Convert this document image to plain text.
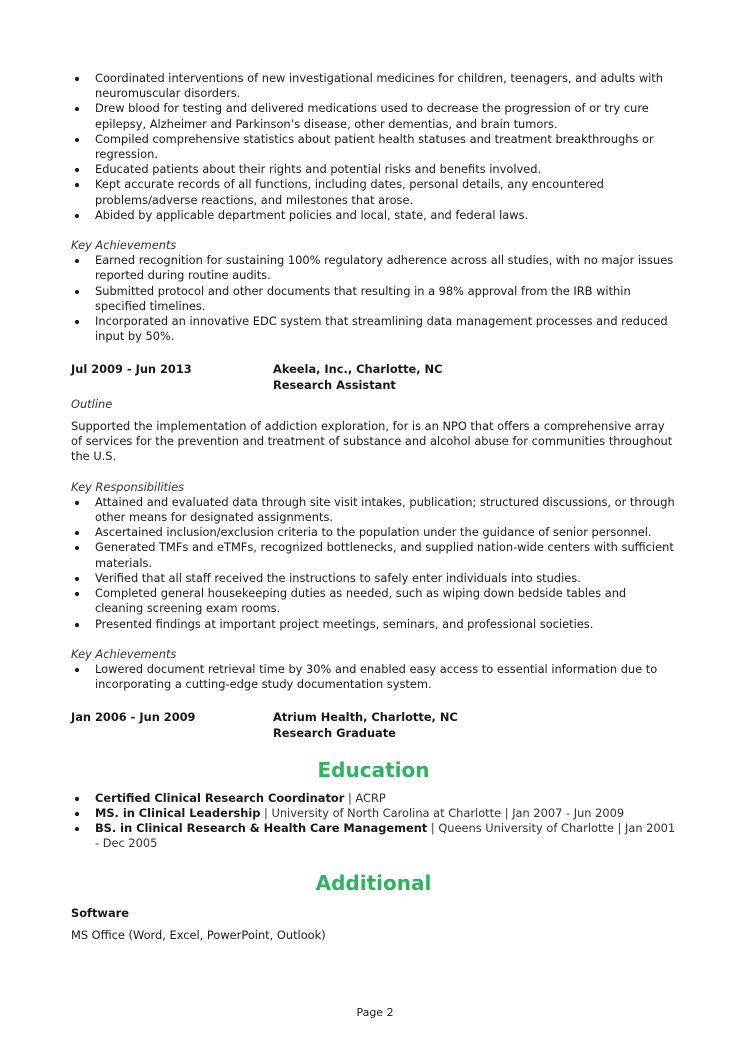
Coordinated interventions of new investigational medicines for children, teenagers, and adults with neuromuscular disorders.
Drew blood for testing and delivered medications used to decrease the progression of or try cure epilepsy, Alzheimer and Parkinson’s disease, other dementias, and brain tumors.
Compiled comprehensive statistics about patient health statuses and treatment breakthroughs or regression.
Educated patients about their rights and potential risks and benefits involved.
Kept accurate records of all functions, including dates, personal details, any encountered problems/adverse reactions, and milestones that arose.
Abided by applicable department policies and local, state, and federal laws.
Key Achievements
Earned recognition for sustaining 100% regulatory adherence across all studies, with no major issues reported during routine audits.
Submitted protocol and other documents that resulting in a 98% approval from the IRB within specified timelines.
Incorporated an innovative EDC system that streamlining data management processes and reduced input by 50%.
Jul 2009 - Jun 2013	Akeela, Inc., Charlotte, NC
Research Assistant
Outline

Supported the implementation of addiction exploration, for is an NPO that offers a comprehensive array of services for the prevention and treatment of substance and alcohol abuse for communities throughout the U.S.

Key Responsibilities
Attained and evaluated data through site visit intakes, publication; structured discussions, or through other means for designated assignments.
Ascertained inclusion/exclusion criteria to the population under the guidance of senior personnel.
Generated TMFs and eTMFs, recognized bottlenecks, and supplied nation-wide centers with sufficient materials.
Verified that all staff received the instructions to safely enter individuals into studies.
Completed general housekeeping duties as needed, such as wiping down bedside tables and cleaning screening exam rooms.
Presented findings at important project meetings, seminars, and professional societies.
Key Achievements
Lowered document retrieval time by 30% and enabled easy access to essential information due to incorporating a cutting-edge study documentation system.
Jan 2006 - Jun 2009	Atrium Health, Charlotte, NC
Research Graduate
Education
Certified Clinical Research Coordinator | ACRP
MS. in Clinical Leadership | University of North Carolina at Charlotte | Jan 2007 - Jun 2009
BS. in Clinical Research & Health Care Management | Queens University of Charlotte | Jan 2001 - Dec 2005
Additional
Software
MS Office (Word, Excel, PowerPoint, Outlook)
Page 2
